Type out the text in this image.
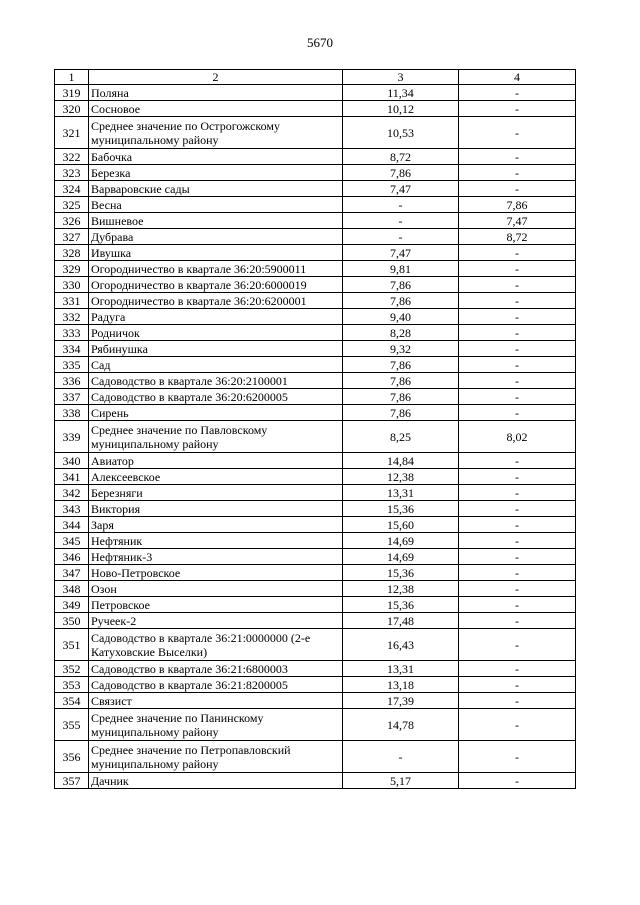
5670
1	2	3	4
319	Поляна	11,34	-
320	Сосновое	10,12	-
321	Среднее значение по Острогожскому муниципальному району	10,53	-
322	Бабочка	8,72	-
323	Березка	7,86	-
324	Варваровские сады	7,47	-
325	Весна	-	7,86
326	Вишневое	-	7,47
327	Дубрава	-	8,72
328	Ивушка	7,47	-
329	Огородничество в квартале 36:20:5900011	9,81	-
330	Огородничество в квартале 36:20:6000019	7,86	-
331	Огородничество в квартале 36:20:6200001	7,86	-
332	Радуга	9,40	-
333	Родничок	8,28	-
334	Рябинушка	9,32	-
335	Сад	7,86	-
336	Садоводство в квартале 36:20:2100001	7,86	-
337	Садоводство в квартале 36:20:6200005	7,86	-
338	Сирень	7,86	-
339	Среднее значение по Павловскому муниципальному району	8,25	8,02
340	Авиатор	14,84	-
341	Алексеевское	12,38	-
342	Березняги	13,31	-
343	Виктория	15,36	-
344	Заря	15,60	-
345	Нефтяник	14,69	-
346	Нефтяник-3	14,69	-
347	Ново-Петровское	15,36	-
348	Озон	12,38	-
349	Петровское	15,36	-
350	Ручеек-2	17,48	-
351	Садоводство в квартале 36:21:0000000 (2-е Катуховские Выселки)	16,43	-
352	Садоводство в квартале 36:21:6800003	13,31	-
353	Садоводство в квартале 36:21:8200005	13,18	-
354	Связист	17,39	-
355	Среднее значение по Панинскому муниципальному району	14,78	-
356	Среднее значение по Петропавловский муниципальному району	-	-
357	Дачник	5,17	-
